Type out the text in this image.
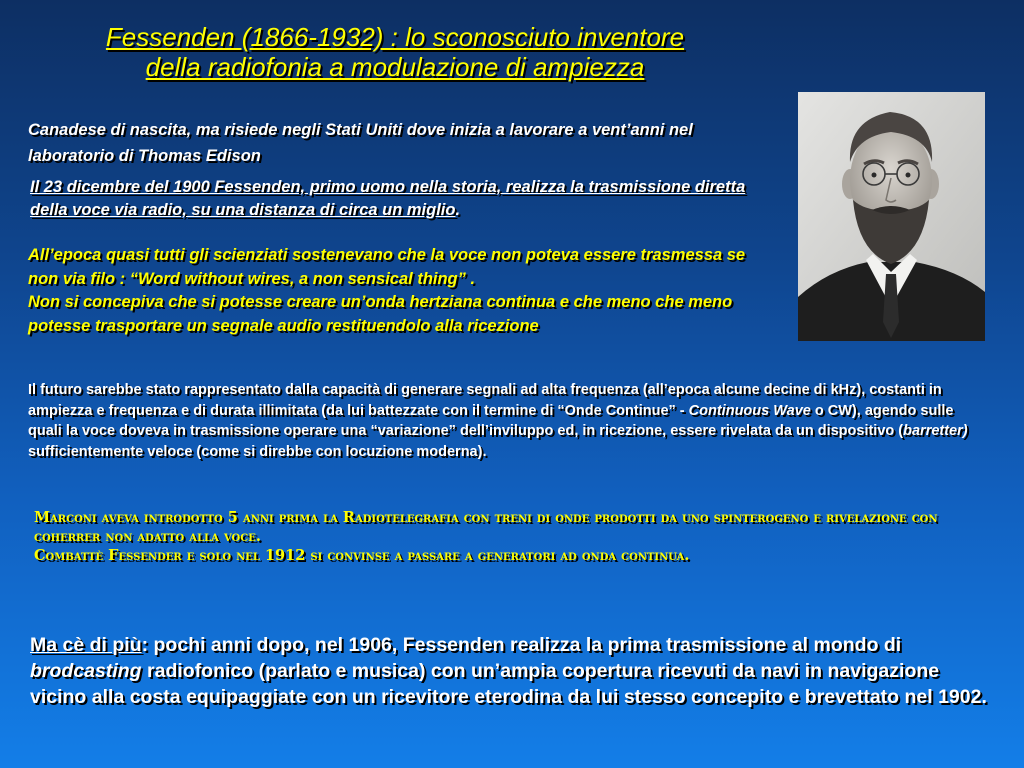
Fessenden (1866-1932) : lo sconosciuto inventore
della radiofonia a modulazione di ampiezza
Canadese di nascita, ma risiede negli Stati Uniti dove inizia a lavorare a vent’anni nel laboratorio di Thomas Edison
Il 23 dicembre del 1900 Fessenden, primo uomo nella storia, realizza la trasmissione diretta della voce via radio, su una distanza di circa un miglio.
All’epoca quasi tutti gli scienziati sostenevano che la voce non poteva essere trasmessa se non via filo : “Word without wires, a non sensical thing” .
Non si concepiva che si potesse creare un’onda hertziana continua e che meno che meno potesse trasportare un segnale audio restituendolo alla ricezione
Il futuro sarebbe stato rappresentato dalla capacità di generare segnali ad alta frequenza (all’epoca alcune decine di kHz), costanti in ampiezza e frequenza e di durata illimitata (da lui battezzate con il termine di “Onde Continue” - Continuous Wave o CW), agendo sulle quali la voce doveva in trasmissione operare una “variazione” dell’inviluppo ed, in ricezione, essere rivelata da un dispositivo (barretter) sufficientemente veloce (come si direbbe con locuzione moderna).
Marconi aveva introdotto 5 anni prima la Radiotelegrafia con treni di onde prodotti da uno spinterogeno e rivelazione con coherrer non adatto alla voce.
Combattè Fessender e solo nel 1912 si convinse a passare a generatori ad onda continua.
Ma cè di più: pochi anni dopo, nel 1906, Fessenden realizza la prima trasmissione al mondo di brodcasting radiofonico (parlato e musica) con un’ampia copertura ricevuti da navi in navigazione vicino alla costa equipaggiate con un ricevitore eterodina da lui stesso concepito e brevettato nel 1902.
